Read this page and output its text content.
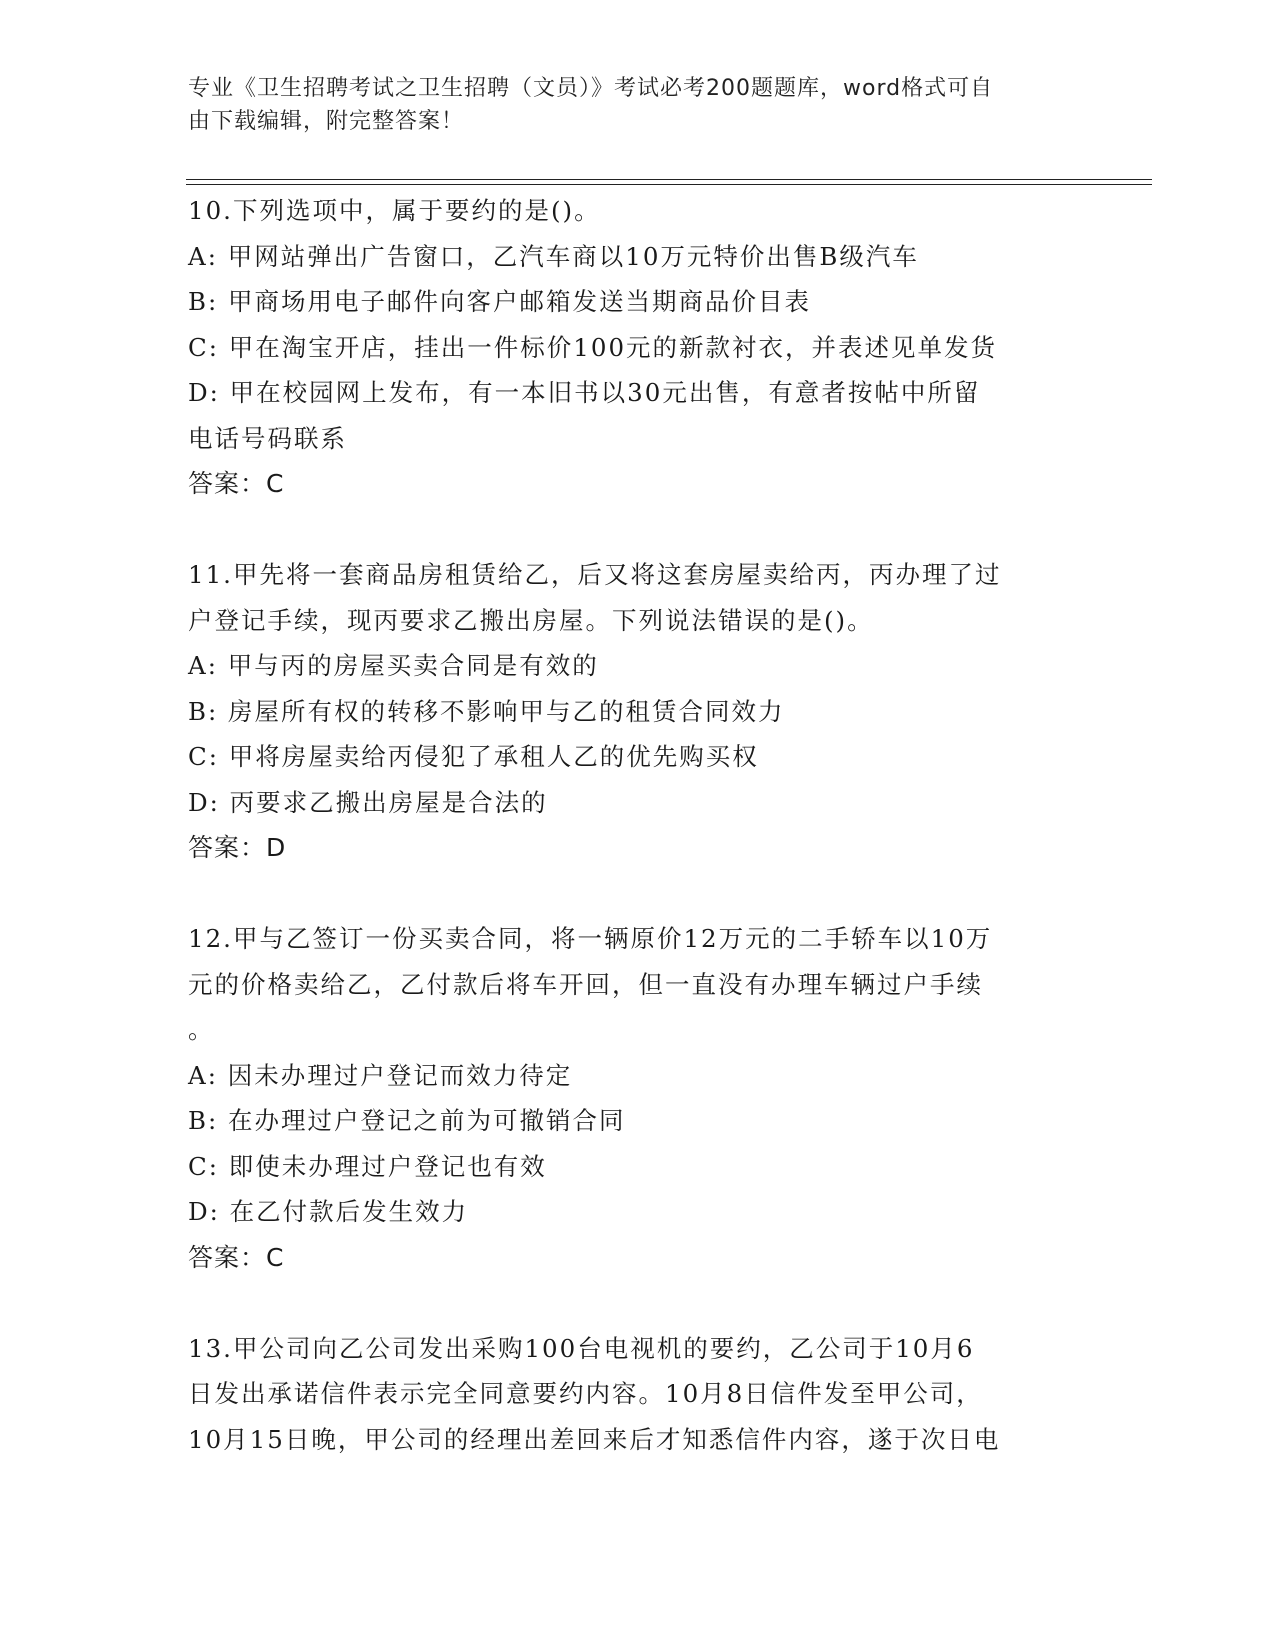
专业《卫生招聘考试之卫生招聘（文员）》考试必考200题题库，word格式可自
由下载编辑，附完整答案！
10.下列选项中，属于要约的是()。
A: 甲网站弹出广告窗口，乙汽车商以10万元特价出售B级汽车
B: 甲商场用电子邮件向客户邮箱发送当期商品价目表
C: 甲在淘宝开店，挂出一件标价100元的新款衬衣，并表述见单发货
D: 甲在校园网上发布，有一本旧书以30元出售，有意者按帖中所留
电话号码联系
答案：C
11.甲先将一套商品房租赁给乙，后又将这套房屋卖给丙，丙办理了过
户登记手续，现丙要求乙搬出房屋。下列说法错误的是()。
A: 甲与丙的房屋买卖合同是有效的
B: 房屋所有权的转移不影响甲与乙的租赁合同效力
C: 甲将房屋卖给丙侵犯了承租人乙的优先购买权
D: 丙要求乙搬出房屋是合法的
答案：D
12.甲与乙签订一份买卖合同，将一辆原价12万元的二手轿车以10万
元的价格卖给乙，乙付款后将车开回，但一直没有办理车辆过户手续
。
A: 因未办理过户登记而效力待定
B: 在办理过户登记之前为可撤销合同
C: 即使未办理过户登记也有效
D: 在乙付款后发生效力
答案：C
13.甲公司向乙公司发出采购100台电视机的要约，乙公司于10月6
日发出承诺信件表示完全同意要约内容。10月8日信件发至甲公司，
10月15日晚，甲公司的经理出差回来后才知悉信件内容，遂于次日电
